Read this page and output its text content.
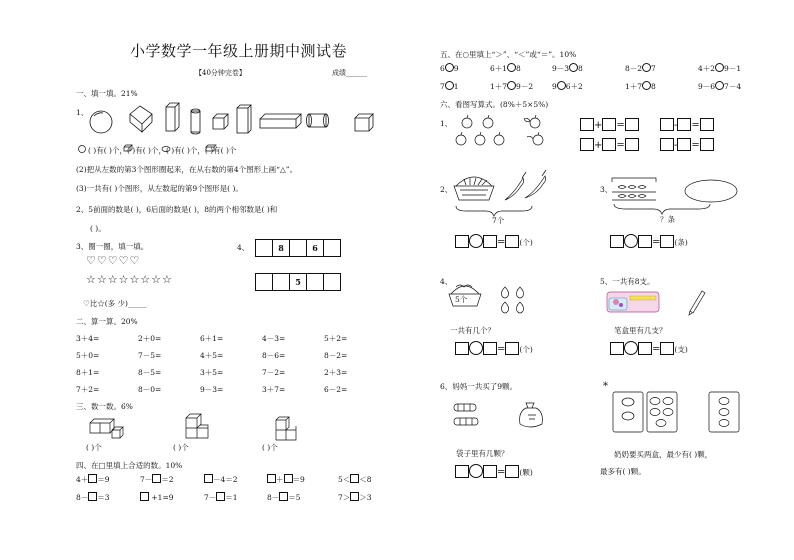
小学数学一年级上册期中测试卷
【40分钟完卷】	成绩______
一、填一填。21%
1、
( )有( )个，( )有( )个，( )有( )个，( )有( )个
(2)把从左数的第3个图形圈起来，在从右数的第4个图形上画“△”。
(3)一共有( )个图形，从左数起的第9个图形是( )。
2、5前面的数是( )，6后面的数是( )，8的两个相邻数是( )和
( )。
3、圈一圈，填一填。
♡♡♡♡♡
☆☆☆☆☆☆☆☆
♡比☆(多 少)_____
4、
		8		6	
		5		
二、算一算。20%
3＋4=	2＋0=	6＋1=	4－3=	5＋2=
5＋0=	7－5=	4＋5=	8－6=	8－2=
8＋1=	8－5=	3＋5=	7－2=	2＋3=
7＋2=	8－0=	9－3=	3＋7=	6－2=
三、数一数。6%
( )个	( )个	( )个
四、在□里填上合适的数。10%
4＋ ＝9	7－ ＝2	－4＝2	＋ ＝9	5＜ ＜8
8－ ＝3	+1=9	7－ ＝1	8－ ＝5	7＞ ＞3
五、在○里填上“＞”、“＜”或“＝”。10%
6 9	6＋1 8	9－3 8	8－2 7	4＋2 9－1
7 1	1＋7 9－2	9 6＋2	1＋7 8	9－6 7－4
六、看图写算式。(8%＋5×5%)
1、	+ =	- =
+ =	- =
2、
7个
= (个)
3、
？条
= (条)
4、
5个
一共有几个？
= (个)
5、一共有8支。
笔盒里有几支？
= (支)
6、妈妈一共买了9颗。
袋子里有几颗？
= (颗)
*
奶奶要买两盒，最少有( )颗，
最多有( )颗。
